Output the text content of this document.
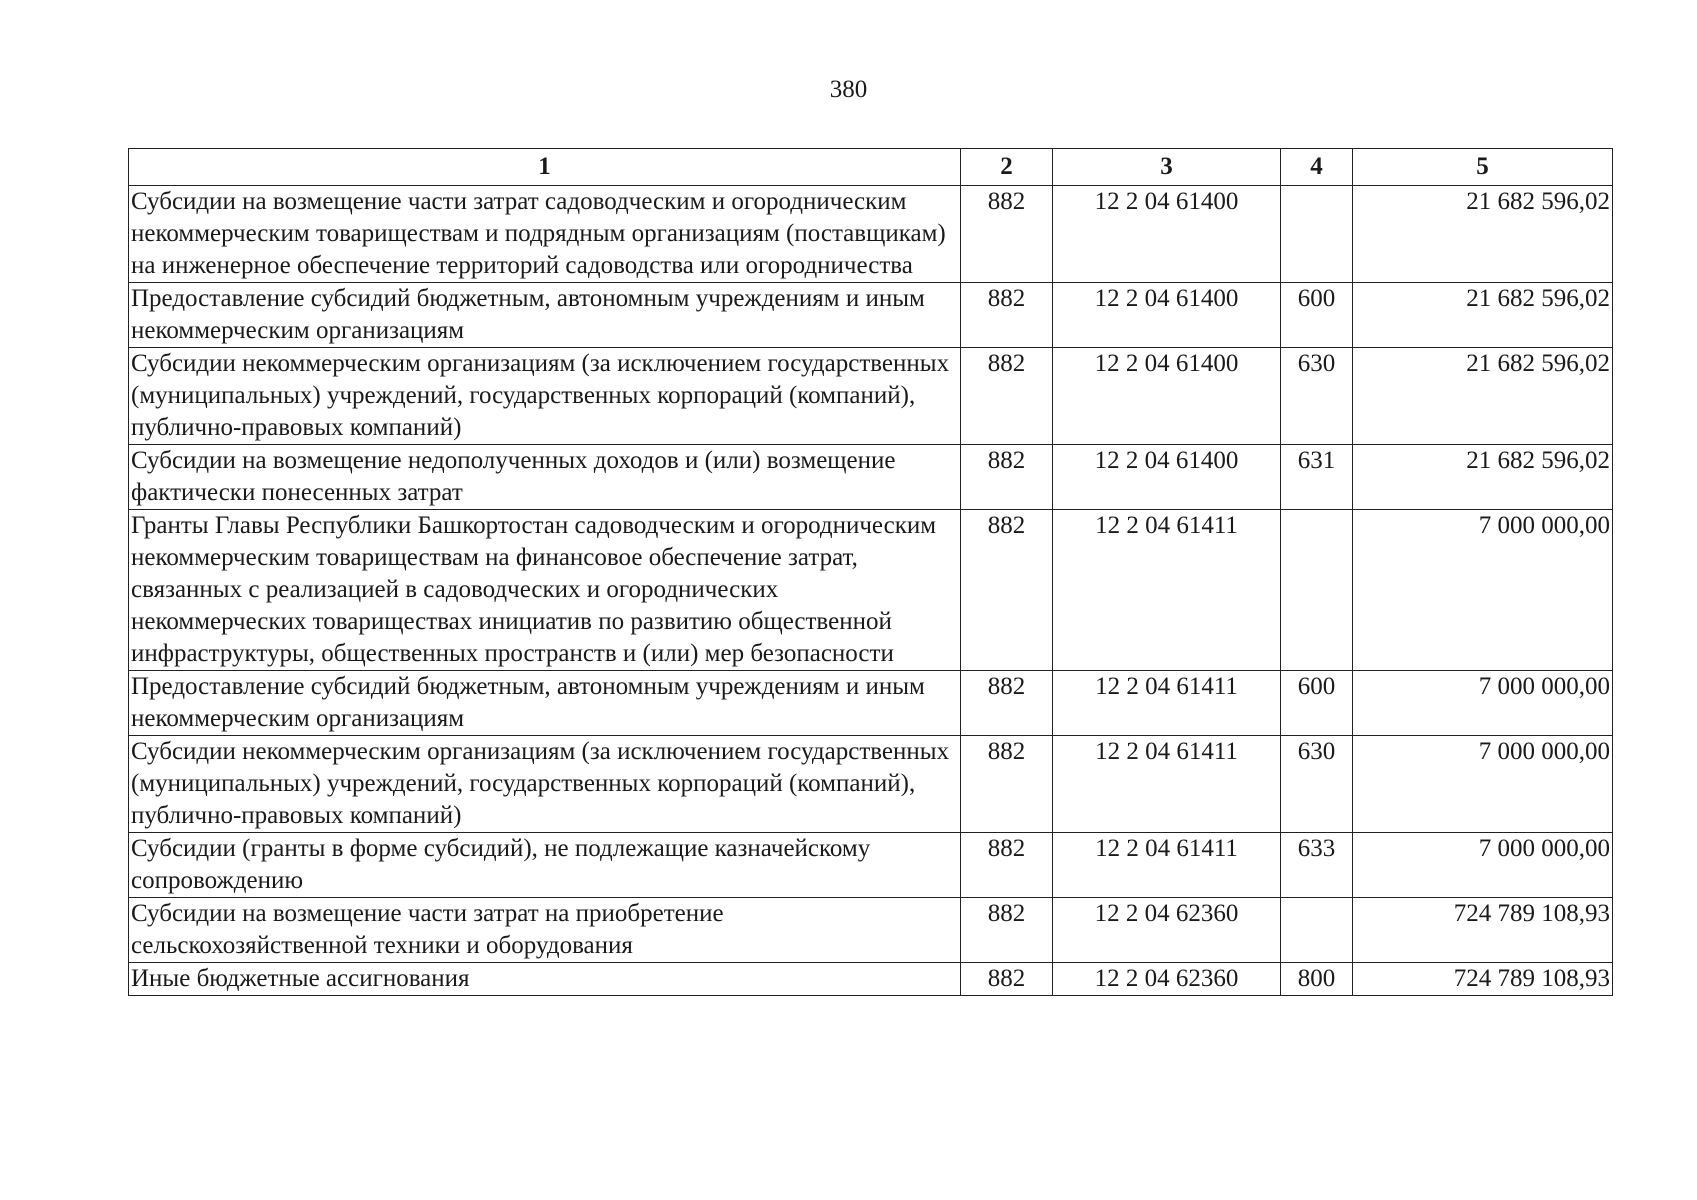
380
1	2	3	4	5
Субсидии на возмещение части затрат садоводческим и огородническим некоммерческим товариществам и подрядным организациям (поставщикам) на инженерное обеспечение территорий садоводства или огородничества	882	12 2 04 61400		21 682 596,02
Предоставление субсидий бюджетным, автономным учреждениям и иным некоммерческим организациям	882	12 2 04 61400	600	21 682 596,02
Субсидии некоммерческим организациям (за исключением государственных (муниципальных) учреждений, государственных корпораций (компаний), публично-правовых компаний)	882	12 2 04 61400	630	21 682 596,02
Субсидии на возмещение недополученных доходов и (или) возмещение фактически понесенных затрат	882	12 2 04 61400	631	21 682 596,02
Гранты Главы Республики Башкортостан садоводческим и огородническим некоммерческим товариществам на финансовое обеспечение затрат, связанных с реализацией в садоводческих и огороднических некоммерческих товариществах инициатив по развитию общественной инфраструктуры, общественных пространств и (или) мер безопасности	882	12 2 04 61411		7 000 000,00
Предоставление субсидий бюджетным, автономным учреждениям и иным некоммерческим организациям	882	12 2 04 61411	600	7 000 000,00
Субсидии некоммерческим организациям (за исключением государственных (муниципальных) учреждений, государственных корпораций (компаний), публично-правовых компаний)	882	12 2 04 61411	630	7 000 000,00
Субсидии (гранты в форме субсидий), не подлежащие казначейскому сопровождению	882	12 2 04 61411	633	7 000 000,00
Субсидии на возмещение части затрат на приобретение сельскохозяйственной техники и оборудования	882	12 2 04 62360		724 789 108,93
Иные бюджетные ассигнования	882	12 2 04 62360	800	724 789 108,93
